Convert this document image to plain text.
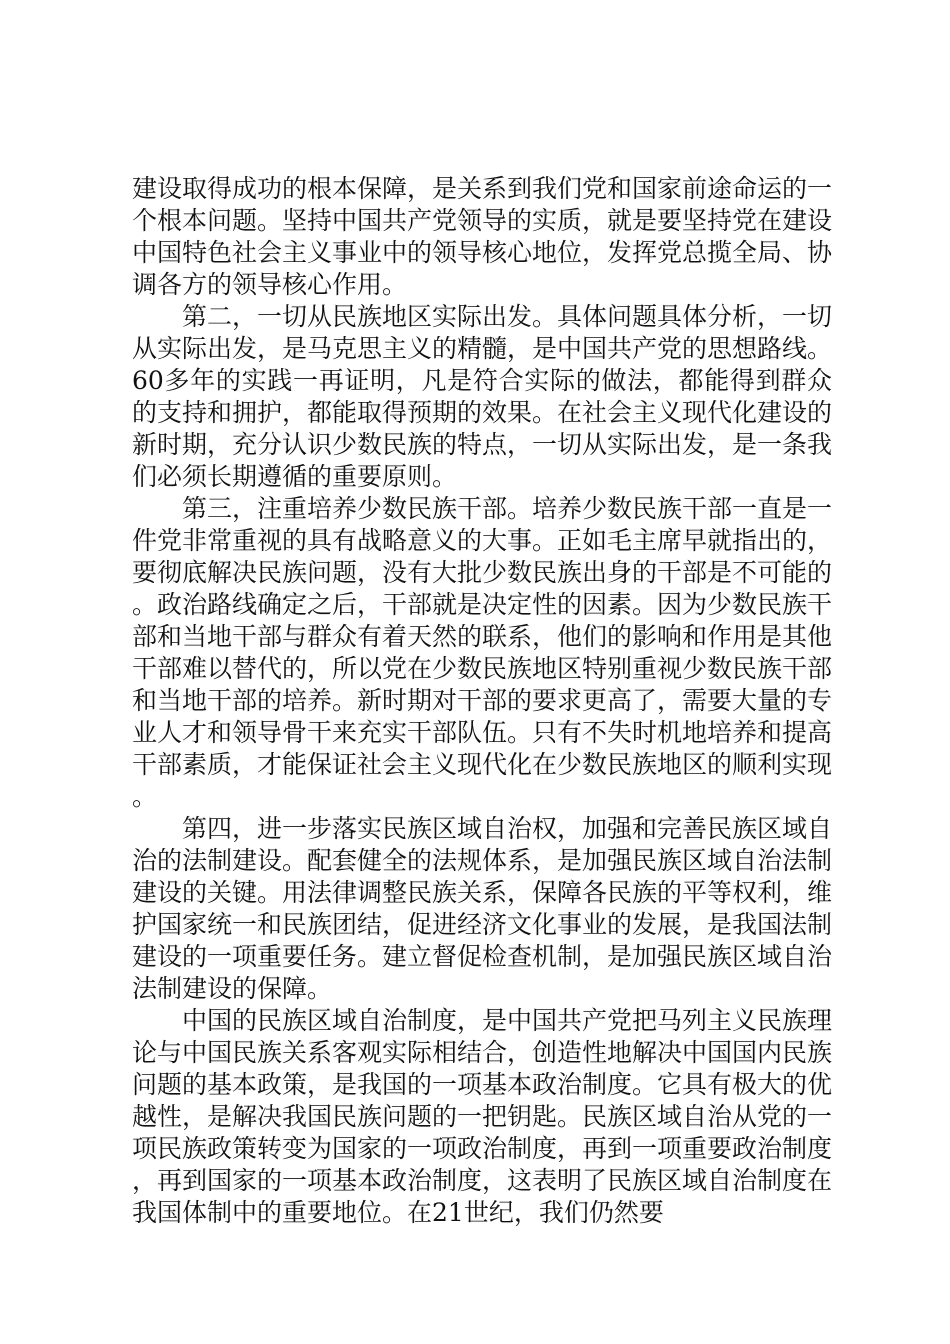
建设取得成功的根本保障，是关系到我们党和国家前途命运的一个根本问题。坚持中国共产党领导的实质，就是要坚持党在建设中国特色社会主义事业中的领导核心地位，发挥党总揽全局、协调各方的领导核心作用。

第二，一切从民族地区实际出发。具体问题具体分析，一切从实际出发，是马克思主义的精髓，是中国共产党的思想路线。60多年的实践一再证明，凡是符合实际的做法，都能得到群众的支持和拥护，都能取得预期的效果。在社会主义现代化建设的新时期，充分认识少数民族的特点，一切从实际出发，是一条我们必须长期遵循的重要原则。

第三，注重培养少数民族干部。培养少数民族干部一直是一件党非常重视的具有战略意义的大事。正如毛主席早就指出的，要彻底解决民族问题，没有大批少数民族出身的干部是不可能的。政治路线确定之后，干部就是决定性的因素。因为少数民族干部和当地干部与群众有着天然的联系，他们的影响和作用是其他干部难以替代的，所以党在少数民族地区特别重视少数民族干部和当地干部的培养。新时期对干部的要求更高了，需要大量的专业人才和领导骨干来充实干部队伍。只有不失时机地培养和提高干部素质，才能保证社会主义现代化在少数民族地区的顺利实现。

第四，进一步落实民族区域自治权，加强和完善民族区域自治的法制建设。配套健全的法规体系，是加强民族区域自治法制建设的关键。用法律调整民族关系，保障各民族的平等权利，维护国家统一和民族团结，促进经济文化事业的发展，是我国法制建设的一项重要任务。建立督促检查机制，是加强民族区域自治法制建设的保障。

中国的民族区域自治制度，是中国共产党把马列主义民族理论与中国民族关系客观实际相结合，创造性地解决中国国内民族问题的基本政策，是我国的一项基本政治制度。它具有极大的优越性，是解决我国民族问题的一把钥匙。民族区域自治从党的一项民族政策转变为国家的一项政治制度，再到一项重要政治制度，再到国家的一项基本政治制度，这表明了民族区域自治制度在我国体制中的重要地位。在21世纪，我们仍然要
